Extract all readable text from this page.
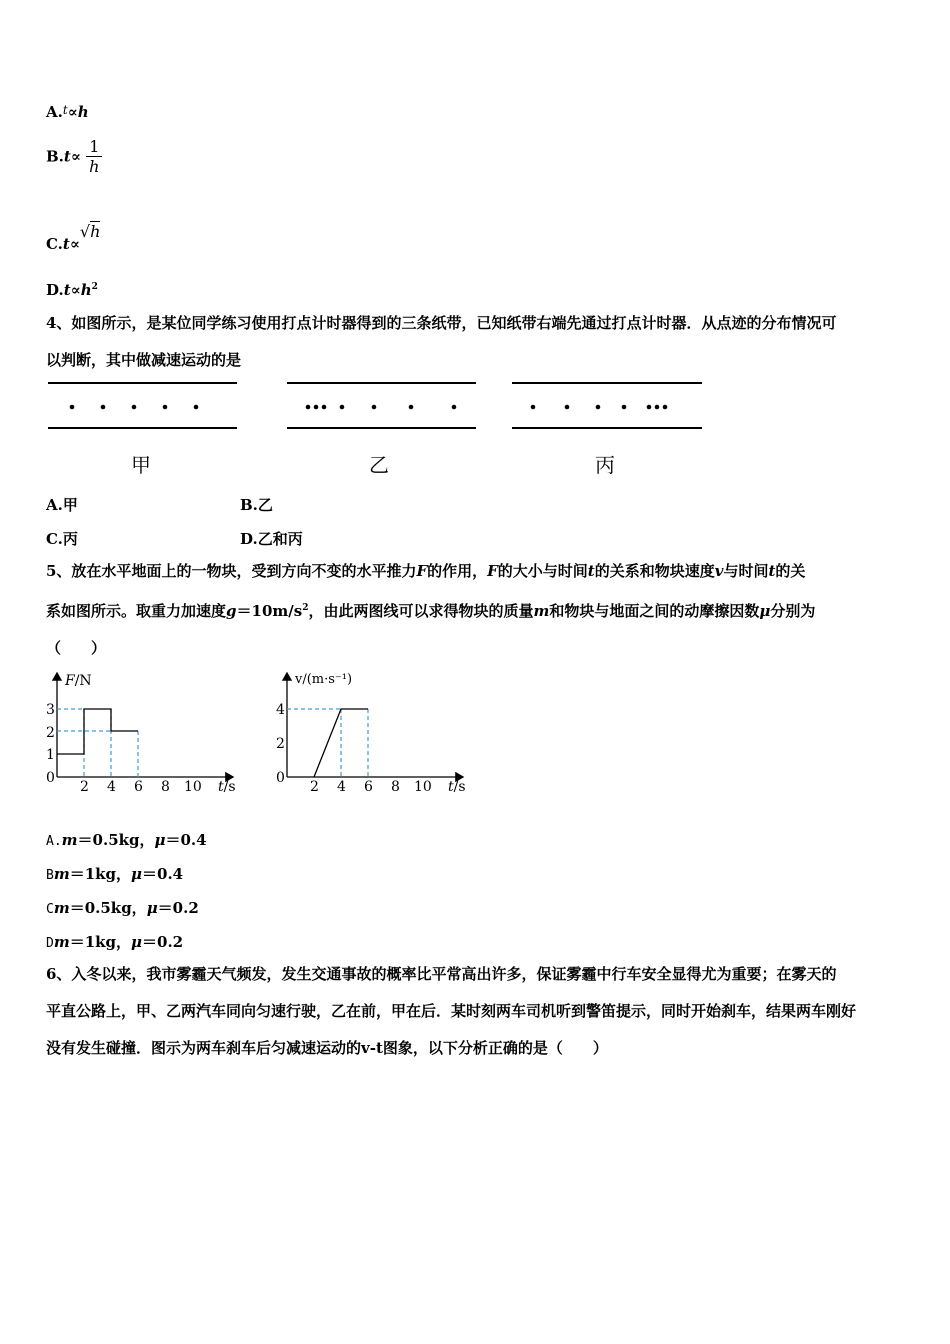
A.$^t$∝h
$B.t\propto \frac{1}{h}$
C.t∝√h
$D.t\propto h^2$
4、如图所示，是某位同学练习使用打点计时器得到的三条纸带，已知纸带右端先通过打点计时器．从点迹的分布情况可
以判断，其中做减速运动的是
甲	乙	丙
A.甲	B.乙
C.丙	D.乙和丙
5、放在水平地面上的一物块，受到方向不变的水平推力F的作用，F的大小与时间t的关系和物块速度v与时间t的关
系如图所示。取重力加速度$g=10m/s^2$，由此两图线可以求得物块的质量m和物块与地面之间的动摩擦因数μ分别为
（　　）
F/N
t/s
3
2
1
0
2 4 6 8 10
v/(m·s⁻¹)
t/s
4
2
0
2 4 6 8 10
A.m＝0.5kg，μ＝0.4
Bm＝1kg，μ＝0.4
Cm＝0.5kg，μ＝0.2
Dm＝1kg，μ＝0.2
6、入冬以来，我市雾霾天气频发，发生交通事故的概率比平常高出许多，保证雾霾中行车安全显得尤为重要；在雾天的
平直公路上，甲、乙两汽车同向匀速行驶，乙在前，甲在后．某时刻两车司机听到警笛提示，同时开始刹车，结果两车刚好
没有发生碰撞．图示为两车刹车后匀减速运动的v-t图象，以下分析正确的是（　　）
